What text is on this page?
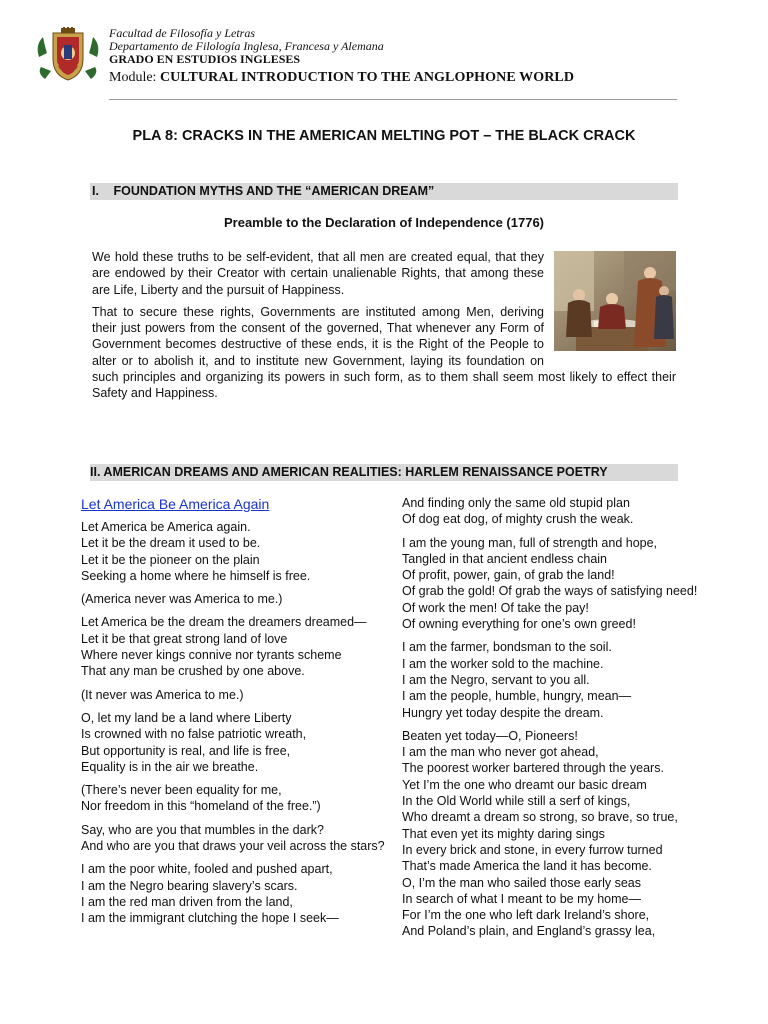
Facultad de Filosofía y Letras
Departamento de Filología Inglesa, Francesa y Alemana
GRADO EN ESTUDIOS INGLESES
Module: CULTURAL INTRODUCTION TO THE ANGLOPHONE WORLD
PLA 8: CRACKS IN THE AMERICAN MELTING POT – THE BLACK CRACK
I. FOUNDATION MYTHS AND THE “AMERICAN DREAM”
Preamble to the Declaration of Independence (1776)

We hold these truths to be self-evident, that all men are created equal, that they are endowed by their Creator with certain unalienable Rights, that among these are Life, Liberty and the pursuit of Happiness.

That to secure these rights, Governments are instituted among Men, deriving their just powers from the consent of the governed, That whenever any Form of Government becomes destructive of these ends, it is the Right of the People to alter or to abolish it, and to institute new Government, laying its foundation on such principles and organizing its powers in such form, as to them shall seem most likely to effect their Safety and Happiness.

II. AMERICAN DREAMS AND AMERICAN REALITIES: HARLEM RENAISSANCE POETRY
Let America Be America Again
Let America be America again.
Let it be the dream it used to be.
Let it be the pioneer on the plain
Seeking a home where he himself is free.
(America never was America to me.)
Let America be the dream the dreamers dreamed—
Let it be that great strong land of love
Where never kings connive nor tyrants scheme
That any man be crushed by one above.
(It never was America to me.)
O, let my land be a land where Liberty
Is crowned with no false patriotic wreath,
But opportunity is real, and life is free,
Equality is in the air we breathe.
(There’s never been equality for me,
Nor freedom in this “homeland of the free.”)
Say, who are you that mumbles in the dark?
And who are you that draws your veil across the stars?
I am the poor white, fooled and pushed apart,
I am the Negro bearing slavery’s scars.
I am the red man driven from the land,
I am the immigrant clutching the hope I seek—
And finding only the same old stupid plan
Of dog eat dog, of mighty crush the weak.
I am the young man, full of strength and hope,
Tangled in that ancient endless chain
Of profit, power, gain, of grab the land!
Of grab the gold! Of grab the ways of satisfying need!
Of work the men! Of take the pay!
Of owning everything for one’s own greed!
I am the farmer, bondsman to the soil.
I am the worker sold to the machine.
I am the Negro, servant to you all.
I am the people, humble, hungry, mean—
Hungry yet today despite the dream.
Beaten yet today—O, Pioneers!
I am the man who never got ahead,
The poorest worker bartered through the years.
Yet I’m the one who dreamt our basic dream
In the Old World while still a serf of kings,
Who dreamt a dream so strong, so brave, so true,
That even yet its mighty daring sings
In every brick and stone, in every furrow turned
That’s made America the land it has become.
O, I’m the man who sailed those early seas
In search of what I meant to be my home—
For I’m the one who left dark Ireland’s shore,
And Poland’s plain, and England’s grassy lea,
